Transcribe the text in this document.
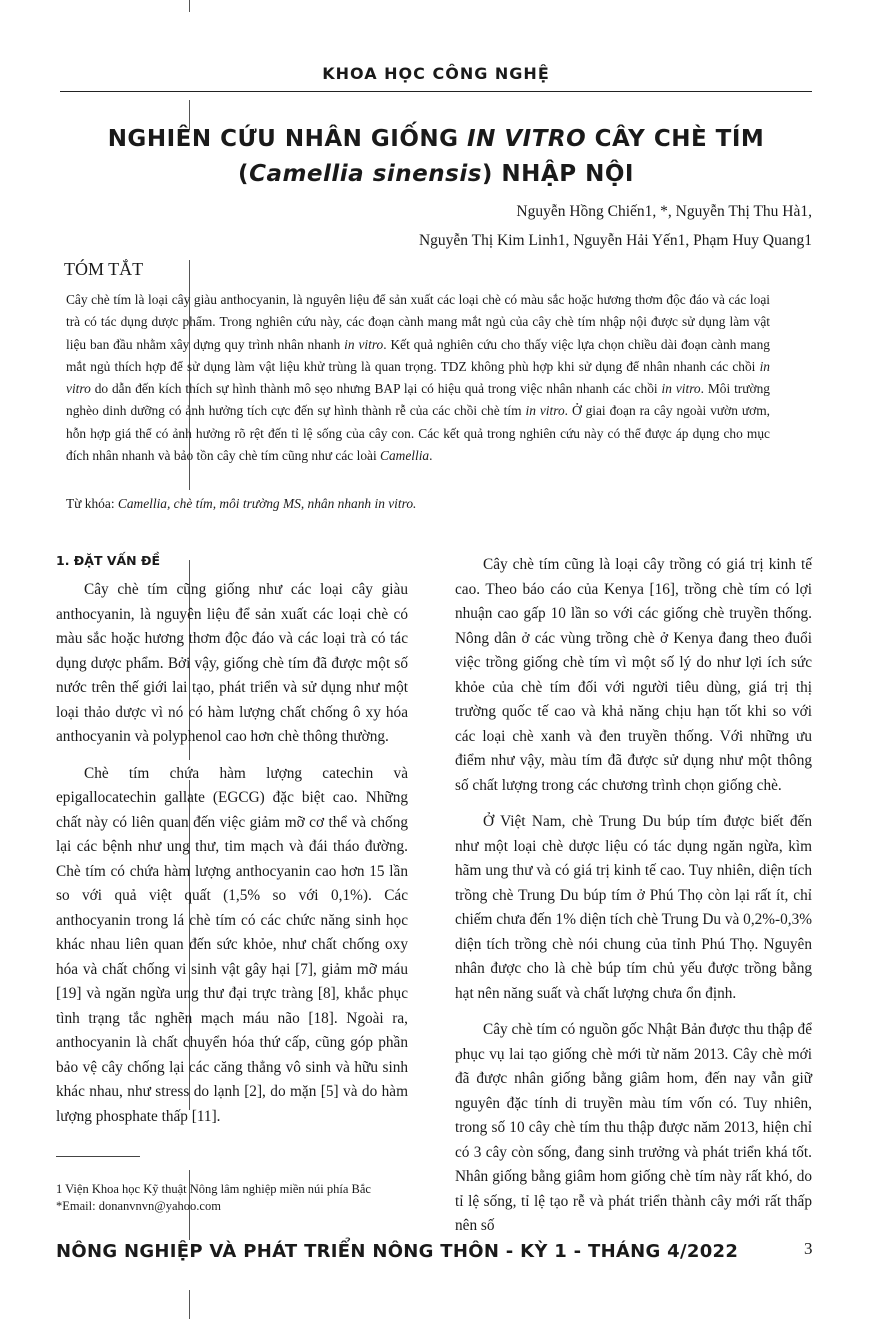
KHOA HỌC CÔNG NGHỆ
NGHIÊN CỨU NHÂN GIỐNG IN VITRO CÂY CHÈ TÍM
(Camellia sinensis) NHẬP NỘI
Nguyễn Hồng Chiến1, *, Nguyễn Thị Thu Hà1,
Nguyễn Thị Kim Linh1, Nguyễn Hải Yến1, Phạm Huy Quang1
TÓM TẮT
Cây chè tím là loại cây giàu anthocyanin, là nguyên liệu để sản xuất các loại chè có màu sắc hoặc hương thơm độc đáo và các loại trà có tác dụng dược phẩm. Trong nghiên cứu này, các đoạn cành mang mắt ngủ của cây chè tím nhập nội được sử dụng làm vật liệu ban đầu nhằm xây dựng quy trình nhân nhanh in vitro. Kết quả nghiên cứu cho thấy việc lựa chọn chiều dài đoạn cành mang mắt ngủ thích hợp để sử dụng làm vật liệu khử trùng là quan trọng. TDZ không phù hợp khi sử dụng để nhân nhanh các chồi in vitro do dẫn đến kích thích sự hình thành mô sẹo nhưng BAP lại có hiệu quả trong việc nhân nhanh các chồi in vitro. Môi trường nghèo dinh dưỡng có ảnh hưởng tích cực đến sự hình thành rễ của các chồi chè tím in vitro. Ở giai đoạn ra cây ngoài vườn ươm, hỗn hợp giá thể có ảnh hưởng rõ rệt đến tỉ lệ sống của cây con. Các kết quả trong nghiên cứu này có thể được áp dụng cho mục đích nhân nhanh và bảo tồn cây chè tím cũng như các loài Camellia.
Từ khóa: Camellia, chè tím, môi trường MS, nhân nhanh in vitro.
1. ĐẶT VẤN ĐỀ

Cây chè tím cũng giống như các loại cây giàu anthocyanin, là nguyên liệu để sản xuất các loại chè có màu sắc hoặc hương thơm độc đáo và các loại trà có tác dụng dược phẩm. Bởi vậy, giống chè tím đã được một số nước trên thế giới lai tạo, phát triển và sử dụng như một loại thảo dược vì nó có hàm lượng chất chống ô xy hóa anthocyanin và polyphenol cao hơn chè thông thường.

Chè tím chứa hàm lượng catechin và epigallocatechin gallate (EGCG) đặc biệt cao. Những chất này có liên quan đến việc giảm mỡ cơ thể và chống lại các bệnh như ung thư, tim mạch và đái tháo đường. Chè tím có chứa hàm lượng anthocyanin cao hơn 15 lần so với quả việt quất (1,5% so với 0,1%). Các anthocyanin trong lá chè tím có các chức năng sinh học khác nhau liên quan đến sức khỏe, như chất chống oxy hóa và chất chống vi sinh vật gây hại [7], giảm mỡ máu [19] và ngăn ngừa ung thư đại trực tràng [8], khắc phục tình trạng tắc nghẽn mạch máu não [18]. Ngoài ra, anthocyanin là chất chuyển hóa thứ cấp, cũng góp phần bảo vệ cây chống lại các căng thẳng vô sinh và hữu sinh khác nhau, như stress do lạnh [2], do mặn [5] và do hàm lượng phosphate thấp [11].

Cây chè tím cũng là loại cây trồng có giá trị kinh tế cao. Theo báo cáo của Kenya [16], trồng chè tím có lợi nhuận cao gấp 10 lần so với các giống chè truyền thống. Nông dân ở các vùng trồng chè ở Kenya đang theo đuổi việc trồng giống chè tím vì một số lý do như lợi ích sức khỏe của chè tím đối với người tiêu dùng, giá trị thị trường quốc tế cao và khả năng chịu hạn tốt khi so với các loại chè xanh và đen truyền thống. Với những ưu điểm như vậy, màu tím đã được sử dụng như một thông số chất lượng trong các chương trình chọn giống chè.

Ở Việt Nam, chè Trung Du búp tím được biết đến như một loại chè dược liệu có tác dụng ngăn ngừa, kìm hãm ung thư và có giá trị kinh tế cao. Tuy nhiên, diện tích trồng chè Trung Du búp tím ở Phú Thọ còn lại rất ít, chỉ chiếm chưa đến 1% diện tích chè Trung Du và 0,2%-0,3% diện tích trồng chè nói chung của tỉnh Phú Thọ. Nguyên nhân được cho là chè búp tím chủ yếu được trồng bằng hạt nên năng suất và chất lượng chưa ổn định.

Cây chè tím có nguồn gốc Nhật Bản được thu thập để phục vụ lai tạo giống chè mới từ năm 2013. Cây chè mới đã được nhân giống bằng giâm hom, đến nay vẫn giữ nguyên đặc tính di truyền màu tím vốn có. Tuy nhiên, trong số 10 cây chè tím thu thập được năm 2013, hiện chỉ có 3 cây còn sống, đang sinh trưởng và phát triển khá tốt. Nhân giống bằng giâm hom giống chè tím này rất khó, do tỉ lệ sống, tỉ lệ tạo rễ và phát triển thành cây mới rất thấp nên số

1 Viện Khoa học Kỹ thuật Nông lâm nghiệp miền núi phía Bắc
*Email: donanvnvn@yahoo.com
NÔNG NGHIỆP VÀ PHÁT TRIỂN NÔNG THÔN - KỲ 1 - THÁNG 4/2022	3
